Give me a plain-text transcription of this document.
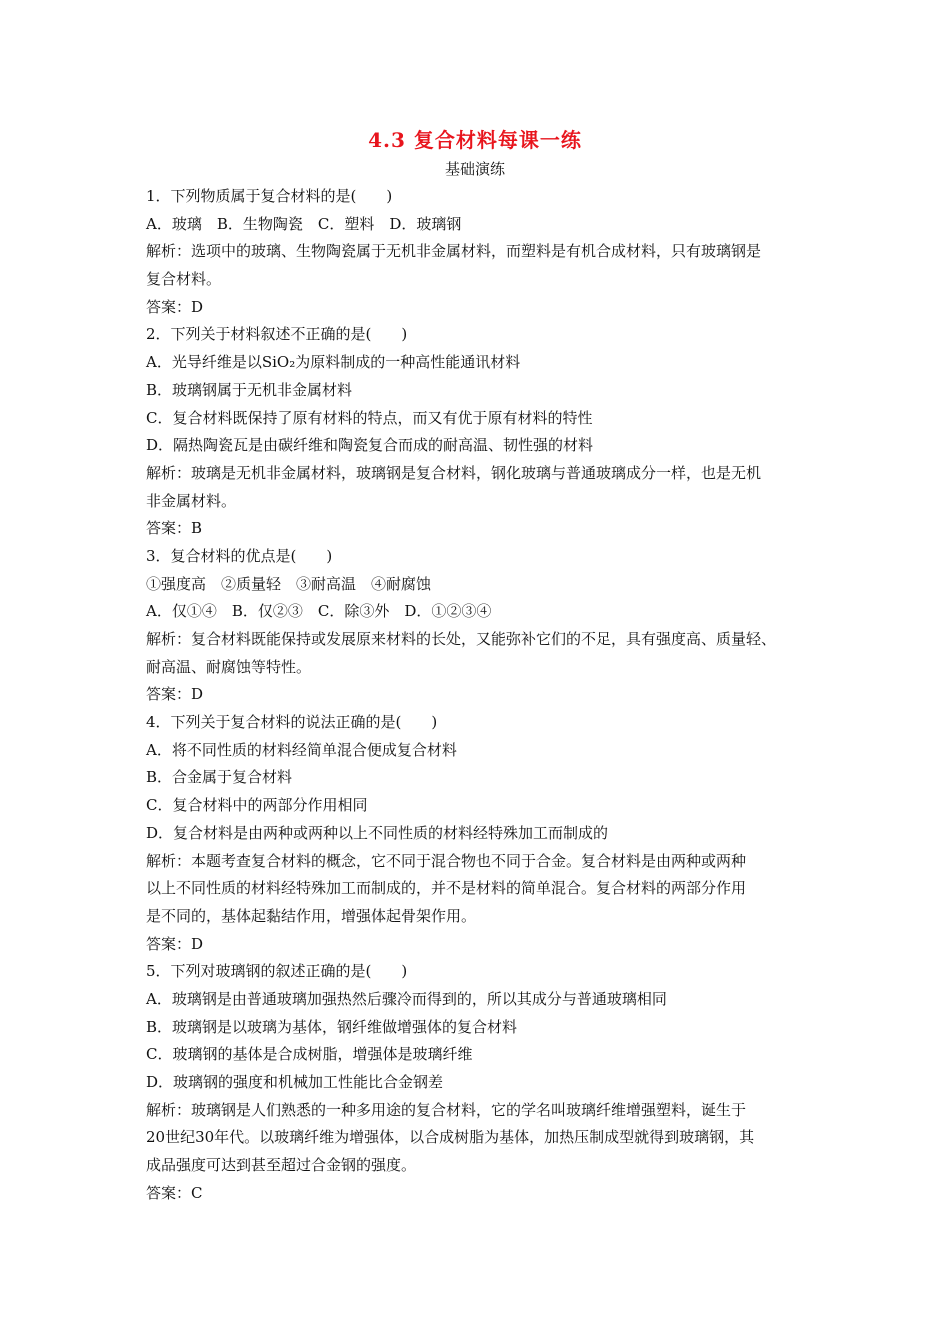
4.3 复合材料每课一练
基础演练
1．下列物质属于复合材料的是(　　)
A．玻璃　B．生物陶瓷　C．塑料　D．玻璃钢
解析：选项中的玻璃、生物陶瓷属于无机非金属材料，而塑料是有机合成材料，只有玻璃钢是
复合材料。
答案：D
2．下列关于材料叙述不正确的是(　　)
A．光导纤维是以SiO₂为原料制成的一种高性能通讯材料
B．玻璃钢属于无机非金属材料
C．复合材料既保持了原有材料的特点，而又有优于原有材料的特性
D．隔热陶瓷瓦是由碳纤维和陶瓷复合而成的耐高温、韧性强的材料
解析：玻璃是无机非金属材料，玻璃钢是复合材料，钢化玻璃与普通玻璃成分一样，也是无机
非金属材料。
答案：B
3．复合材料的优点是(　　)
①强度高　②质量轻　③耐高温　④耐腐蚀
A．仅①④　B．仅②③　C．除③外　D．①②③④
解析：复合材料既能保持或发展原来材料的长处，又能弥补它们的不足，具有强度高、质量轻、
耐高温、耐腐蚀等特性。
答案：D
4．下列关于复合材料的说法正确的是(　　)
A．将不同性质的材料经简单混合便成复合材料
B．合金属于复合材料
C．复合材料中的两部分作用相同
D．复合材料是由两种或两种以上不同性质的材料经特殊加工而制成的
解析：本题考查复合材料的概念，它不同于混合物也不同于合金。复合材料是由两种或两种
以上不同性质的材料经特殊加工而制成的，并不是材料的简单混合。复合材料的两部分作用
是不同的，基体起黏结作用，增强体起骨架作用。
答案：D
5．下列对玻璃钢的叙述正确的是(　　)
A．玻璃钢是由普通玻璃加强热然后骤冷而得到的，所以其成分与普通玻璃相同
B．玻璃钢是以玻璃为基体，钢纤维做增强体的复合材料
C．玻璃钢的基体是合成树脂，增强体是玻璃纤维
D．玻璃钢的强度和机械加工性能比合金钢差
解析：玻璃钢是人们熟悉的一种多用途的复合材料，它的学名叫玻璃纤维增强塑料，诞生于
20世纪30年代。以玻璃纤维为增强体，以合成树脂为基体，加热压制成型就得到玻璃钢，其
成品强度可达到甚至超过合金钢的强度。
答案：C
